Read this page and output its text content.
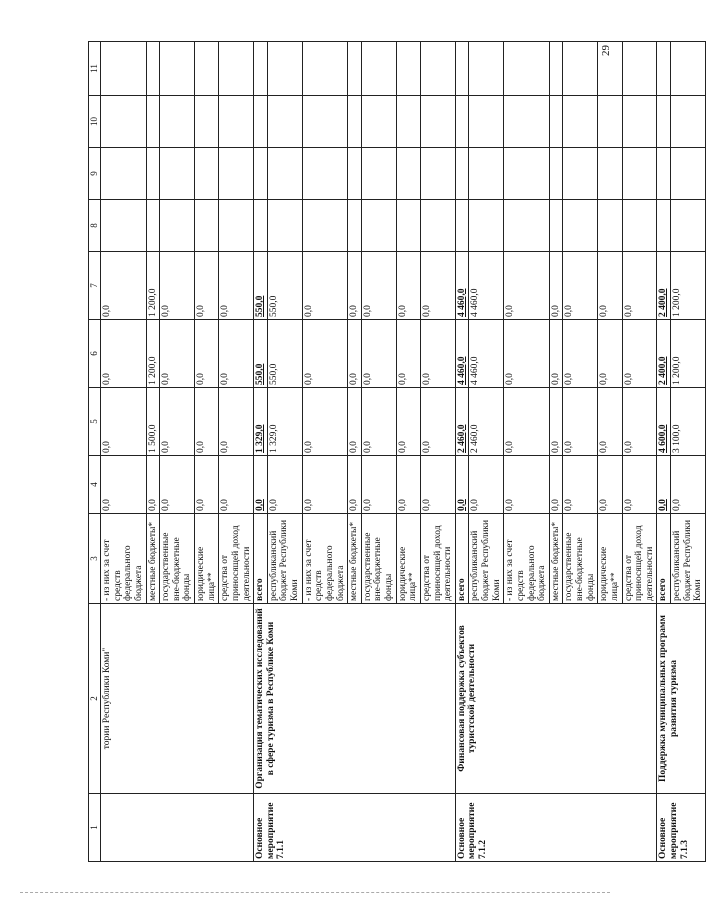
29
1	2	3	4	5	6	7	8	9	10	11
	тории Республики Коми"	- из них за счет средств федерального бюджета	0,0	0,0	0,0	0,0				
		местные бюджеты*	0,0	1 500,0	1 200,0	1 200,0				
		государственные вне-бюджетные фонды	0,0	0,0	0,0	0,0				
		юридические лица**	0,0	0,0	0,0	0,0				
		средства от приносящей доход деятельности	0,0	0,0	0,0	0,0				
Основное мероприятие 7.1.1	Организация тематических исследований в сфере туризма в Республике Коми	всего	0,0	1 329,0	550,0	550,0				
		республиканский бюджет Республики Коми	0,0	1 329,0	550,0	550,0				
		- из них за счет средств федерального бюджета	0,0	0,0	0,0	0,0				
		местные бюджеты*	0,0	0,0	0,0	0,0				
		государственные вне-бюджетные фонды	0,0	0,0	0,0	0,0				
		юридические лица**	0,0	0,0	0,0	0,0				
		средства от приносящей доход деятельности	0,0	0,0	0,0	0,0				
Основное мероприятие 7.1.2	Финансовая поддержка субъектов туристской деятельности	всего	0,0	2 460,0	4 460,0	4 460,0				
		республиканский бюджет Республики Коми	0,0	2 460,0	4 460,0	4 460,0				
		- из них за счет средств федерального бюджета	0,0	0,0	0,0	0,0				
		местные бюджеты*	0,0	0,0	0,0	0,0				
		государственные вне-бюджетные фонды	0,0	0,0	0,0	0,0				
		юридические лица**	0,0	0,0	0,0	0,0				
		средства от приносящей доход деятельности	0,0	0,0	0,0	0,0				
Основное мероприятие 7.1.3	Поддержка муниципальных программ развития туризма	всего	0,0	4 600,0	2 400,0	2 400,0				
		республиканский бюджет Республики Коми	0,0	3 100,0	1 200,0	1 200,0				
